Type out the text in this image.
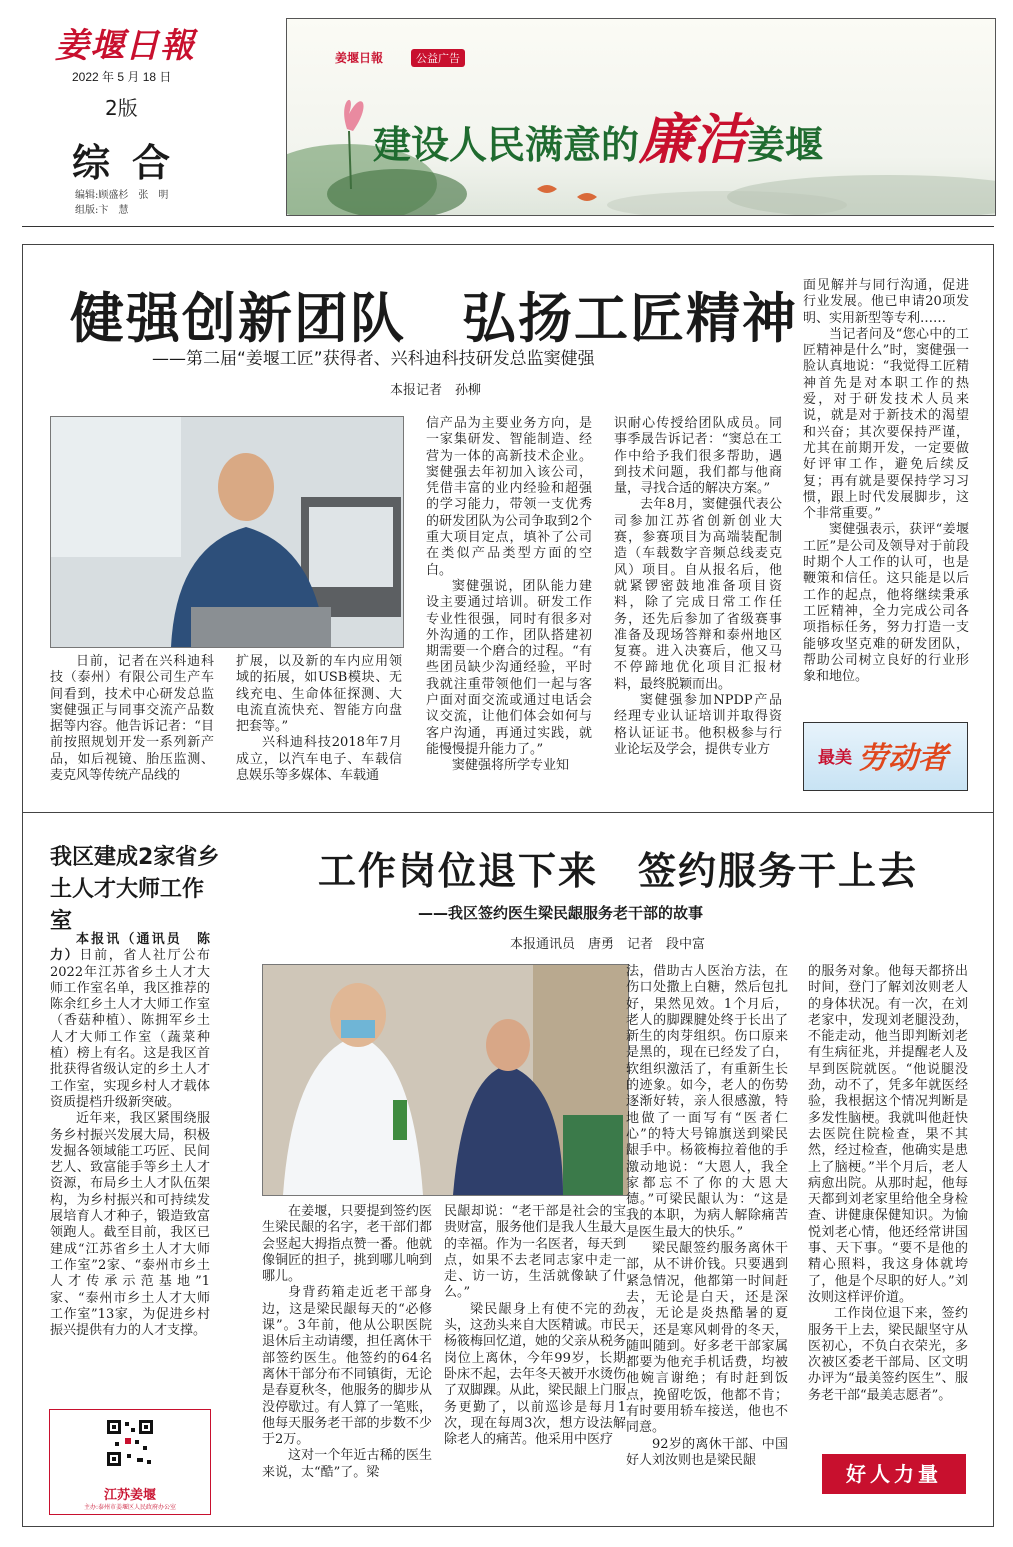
姜堰日報
2022 年 5 月 18 日
2版
综合
编辑:顾盛杉　张　明
组版:卞　慧
姜堰日報	公益广告
建设人民满意的廉洁姜堰
健强创新团队　弘扬工匠精神
——第二届“姜堰工匠”获得者、兴科迪科技研发总监窦健强
本报记者　孙柳

日前，记者在兴科迪科技（泰州）有限公司生产车间看到，技术中心研发总监窦健强正与同事交流产品数据等内容。他告诉记者：“目前按照规划开发一系列新产品，如后视镜、胎压监测、麦克风等传统产品线的

扩展，以及新的车内应用领域的拓展，如USB模块、无线充电、生命体征探测、大电流直流快充、智能方向盘把套等。”

兴科迪科技2018年7月成立，以汽车电子、车载信息娱乐等多媒体、车载通

信产品为主要业务方向，是一家集研发、智能制造、经营为一体的高新技术企业。窦健强去年初加入该公司，凭借丰富的业内经验和超强的学习能力，带领一支优秀的研发团队为公司争取到2个重大项目定点，填补了公司在类似产品类型方面的空白。

窦健强说，团队能力建设主要通过培训。研发工作专业性很强，同时有很多对外沟通的工作，团队搭建初期需要一个磨合的过程。“有些团员缺少沟通经验，平时我就注重带领他们一起与客户面对面交流或通过电话会议交流，让他们体会如何与客户沟通，再通过实践，就能慢慢提升能力了。”

窦健强将所学专业知

识耐心传授给团队成员。同事季晟告诉记者：“窦总在工作中给予我们很多帮助，遇到技术问题，我们都与他商量，寻找合适的解决方案。”

去年8月，窦健强代表公司参加江苏省创新创业大赛，参赛项目为高端装配制造（车载数字音频总线麦克风）项目。自从报名后，他就紧锣密鼓地准备项目资料，除了完成日常工作任务，还先后参加了省级赛事准备及现场答辩和泰州地区复赛。进入决赛后，他又马不停蹄地优化项目汇报材料，最终脱颖而出。

窦健强参加NPDP产品经理专业认证培训并取得资格认证证书。他积极参与行业论坛及学会，提供专业方

面见解并与同行沟通，促进行业发展。他已申请20项发明、实用新型等专利……

当记者问及“您心中的工匠精神是什么”时，窦健强一脸认真地说：“我觉得工匠精神首先是对本职工作的热爱，对于研发技术人员来说，就是对于新技术的渴望和兴奋；其次要保持严谨，尤其在前期开发，一定要做好评审工作，避免后续反复；再有就是要保持学习习惯，跟上时代发展脚步，这个非常重要。”

窦健强表示，获评“姜堰工匠”是公司及领导对于前段时期个人工作的认可，也是鞭策和信任。这只能是以后工作的起点，他将继续秉承工匠精神，全力完成公司各项指标任务，努力打造一支能够攻坚克难的研发团队，帮助公司树立良好的行业形象和地位。

最美 劳动者
我区建成2家省乡土人才大师工作室

本报讯（通讯员　陈力）日前，省人社厅公布2022年江苏省乡土人才大师工作室名单，我区推荐的陈余红乡土人才大师工作室（香菇种植）、陈拥军乡土人才大师工作室（蔬菜种植）榜上有名。这是我区首批获得省级认定的乡土人才工作室，实现乡村人才载体资质提档升级新突破。

近年来，我区紧围绕服务乡村振兴发展大局，积极发掘各领域能工巧匠、民间艺人、致富能手等乡土人才资源，布局乡土人才队伍架构，为乡村振兴和可持续发展培育人才种子，锻造致富领跑人。截至目前，我区已建成“江苏省乡土人才大师工作室”2家、“泰州市乡土人才传承示范基地”1家、“泰州市乡土人才大师工作室”13家，为促进乡村振兴提供有力的人才支撑。

江苏姜堰
主办:泰州市姜堰区人民政府办公室
工作岗位退下来　签约服务干上去
——我区签约医生梁民龈服务老干部的故事
本报通讯员　唐勇　记者　段中富

在姜堰，只要提到签约医生梁民龈的名字，老干部们都会竖起大拇指点赞一番。他就像铜匠的担子，挑到哪儿响到哪儿。

身背药箱走近老干部身边，这是梁民龈每天的“必修课”。3年前，他从公职医院退休后主动请缨，担任离休干部签约医生。他签约的64名离休干部分布不同镇街，无论是春夏秋冬，他服务的脚步从没停歇过。有人算了一笔账，他每天服务老干部的步数不少于2万。

这对一个年近古稀的医生来说，太“酷”了。梁

民龈却说：“老干部是社会的宝贵财富，服务他们是我人生最大的幸福。作为一名医者，每天到点，如果不去老同志家中走一走、访一访，生活就像缺了什么。”

梁民龈身上有使不完的劲头，这劲头来自大医精诚。市民杨筱梅回忆道，她的父亲从税务岗位上离休，今年99岁，长期卧床不起，去年冬天被开水烫伤了双脚踝。从此，梁民龈上门服务更勤了，以前巡诊是每月1次，现在每周3次，想方设法解除老人的痛苦。他采用中医疗

法，借助古人医治方法，在伤口处撒上白糖，然后包扎好，果然见效。1个月后，老人的脚踝腱处终于长出了新生的肉芽组织。伤口原来是黑的，现在已经发了白，软组织激活了，有重新生长的迹象。如今，老人的伤势逐渐好转，亲人很感激，特地做了一面写有“医者仁心”的特大号锦旗送到梁民龈手中。杨筱梅拉着他的手激动地说：“大恩人，我全家都忘不了你的大恩大德。”可梁民龈认为：“这是我的本职，为病人解除痛苦是医生最大的快乐。”

梁民龈签约服务离休干部，从不讲价钱。只要遇到紧急情况，他都第一时间赶去，无论是白天，还是深夜，无论是炎热酷暑的夏天，还是寒风刺骨的冬天，随叫随到。好多老干部家属都要为他充手机话费，均被他婉言谢绝；有时赶到饭点，挽留吃饭，他都不肯；有时要用轿车接送，他也不同意。

92岁的离休干部、中国好人刘汝则也是梁民龈

的服务对象。他每天都挤出时间，登门了解刘汝则老人的身体状况。有一次，在刘老家中，发现刘老腿没劲，不能走动，他当即判断刘老有生病征兆，并提醒老人及早到医院就医。“他说腿没劲，动不了，凭多年就医经验，我根据这个情况判断是多发性脑梗。我就叫他赶快去医院住院检查，果不其然，经过检查，他确实是患上了脑梗。”半个月后，老人病愈出院。从那时起，他每天都到刘老家里给他全身检查、讲健康保健知识。为愉悦刘老心情，他还经常讲国事、天下事。“要不是他的精心照料，我这身体就垮了，他是个尽职的好人。”刘汝则这样评价道。

工作岗位退下来，签约服务干上去，梁民龈坚守从医初心，不负白衣荣光，多次被区委老干部局、区文明办评为“最美签约医生”、服务老干部“最美志愿者”。

好人力量
